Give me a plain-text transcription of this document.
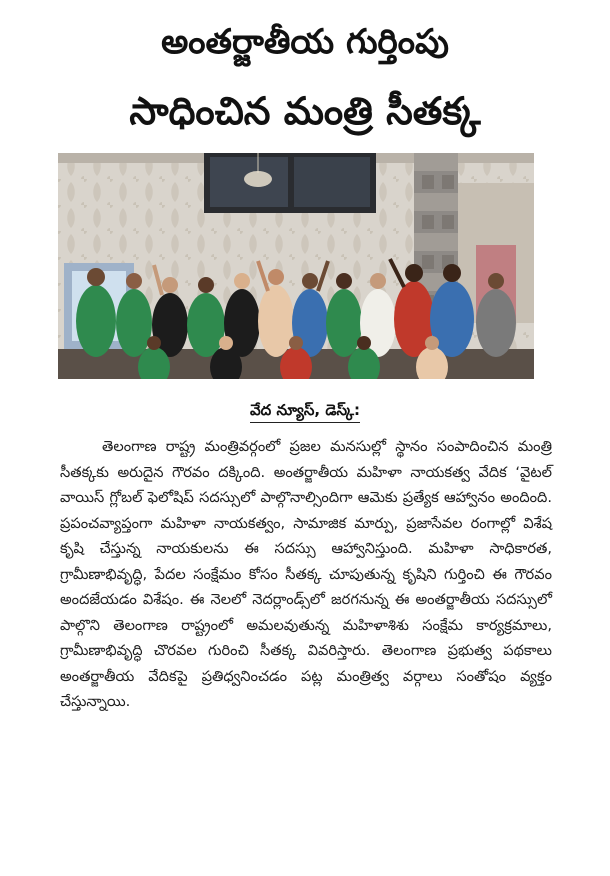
అంతర్జాతీయ గుర్తింపు
సాధించిన మంత్రి సీతక్క
వేద న్యూస్, డెస్క్:

తెలంగాణ రాష్ట్ర మంత్రివర్గంలో ప్రజల మనసుల్లో స్థానం సంపాదించిన మంత్రి సీతక్కకు అరుదైన గౌరవం దక్కింది. అంతర్జాతీయ మహిళా నాయకత్వ వేదిక ‘వైటల్ వాయిస్ గ్లోబల్ ఫెలోషిప్ సదస్సులో పాల్గొనాల్సిందిగా ఆమెకు ప్రత్యేక ఆహ్వానం అందింది. ప్రపంచవ్యాప్తంగా మహిళా నాయకత్వం, సామాజిక మార్పు, ప్రజాసేవల రంగాల్లో విశేష కృషి చేస్తున్న నాయకులను ఈ సదస్సు ఆహ్వానిస్తుంది. మహిళా సాధికారత, గ్రామీణాభివృద్ధి, పేదల సంక్షేమం కోసం సీతక్క చూపుతున్న కృషిని గుర్తించి ఈ గౌరవం అందజేయడం విశేషం. ఈ నెలలో నెదర్లాండ్స్‌లో జరగనున్న ఈ అంతర్జాతీయ సదస్సులో పాల్గొని తెలంగాణ రాష్ట్రంలో అమలవుతున్న మహిళాశిశు సంక్షేమ కార్యక్రమాలు, గ్రామీణాభివృద్ధి చొరవల గురించి సీతక్క వివరిస్తారు. తెలంగాణ ప్రభుత్వ పథకాలు అంతర్జాతీయ వేదికపై ప్రతిధ్వనించడం పట్ల మంత్రిత్వ వర్గాలు సంతోషం వ్యక్తం చేస్తున్నాయి.
